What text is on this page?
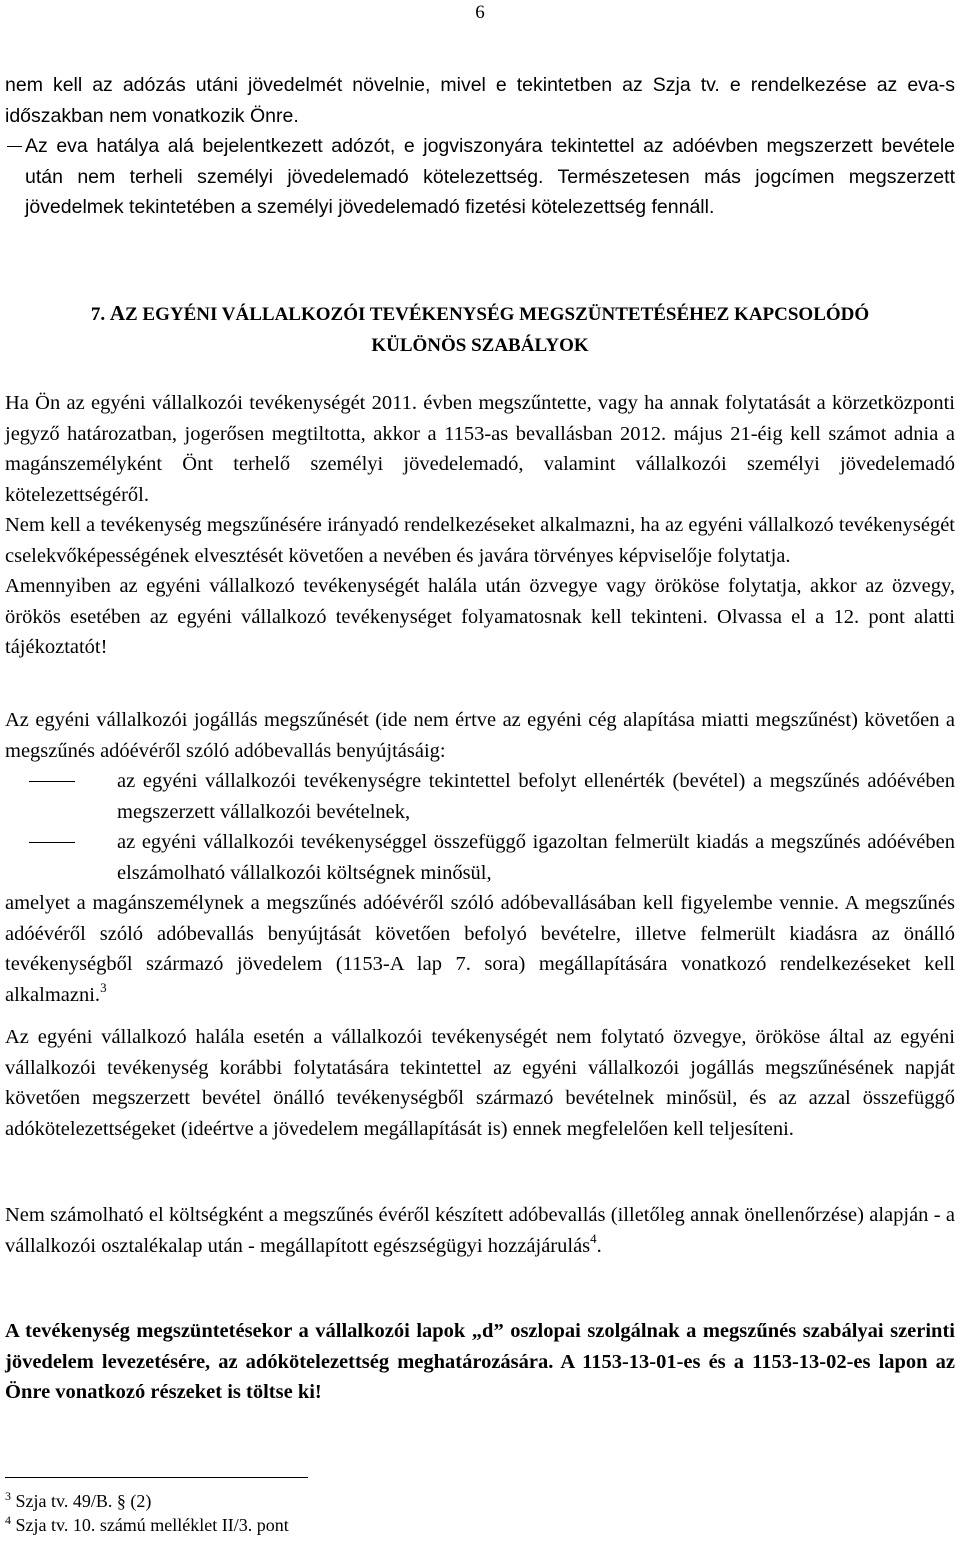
6

nem kell az adózás utáni jövedelmét növelnie, mivel e tekintetben az Szja tv. e rendelkezése az eva-s időszakban nem vonatkozik Önre.

Az eva hatálya alá bejelentkezett adózót, e jogviszonyára tekintettel az adóévben megszerzett bevétele után nem terheli személyi jövedelemadó kötelezettség. Természetesen más jogcímen megszerzett jövedelmek tekintetében a személyi jövedelemadó fizetési kötelezettség fennáll.

7. AZ EGYÉNI VÁLLALKOZÓI TEVÉKENYSÉG MEGSZÜNTETÉSÉHEZ KAPCSOLÓDÓ
KÜLÖNÖS SZABÁLYOK

Ha Ön az egyéni vállalkozói tevékenységét 2011. évben megszűntette, vagy ha annak folytatását a körzetközponti jegyző határozatban, jogerősen megtiltotta, akkor a 1153-as bevallásban 2012. május 21-éig kell számot adnia a magánszemélyként Önt terhelő személyi jövedelemadó, valamint vállalkozói személyi jövedelemadó kötelezettségéről.

Nem kell a tevékenység megszűnésére irányadó rendelkezéseket alkalmazni, ha az egyéni vállalkozó tevékenységét cselekvőképességének elvesztését követően a nevében és javára törvényes képviselője folytatja.

Amennyiben az egyéni vállalkozó tevékenységét halála után özvegye vagy örököse folytatja, akkor az özvegy, örökös esetében az egyéni vállalkozó tevékenységet folyamatosnak kell tekinteni. Olvassa el a 12. pont alatti tájékoztatót!

Az egyéni vállalkozói jogállás megszűnését (ide nem értve az egyéni cég alapítása miatti megszűnést) követően a megszűnés adóévéről szóló adóbevallás benyújtásáig:

az egyéni vállalkozói tevékenységre tekintettel befolyt ellenérték (bevétel) a megszűnés adóévében megszerzett vállalkozói bevételnek,

az egyéni vállalkozói tevékenységgel összefüggő igazoltan felmerült kiadás a megszűnés adóévében elszámolható vállalkozói költségnek minősül,

amelyet a magánszemélynek a megszűnés adóévéről szóló adóbevallásában kell figyelembe vennie. A megszűnés adóévéről szóló adóbevallás benyújtását követően befolyó bevételre, illetve felmerült kiadásra az önálló tevékenységből származó jövedelem (1153-A lap 7. sora) megállapítására vonatkozó rendelkezéseket kell alkalmazni.$^3$

Az egyéni vállalkozó halála esetén a vállalkozói tevékenységét nem folytató özvegye, örököse által az egyéni vállalkozói tevékenység korábbi folytatására tekintettel az egyéni vállalkozói jogállás megszűnésének napját követően megszerzett bevétel önálló tevékenységből származó bevételnek minősül, és az azzal összefüggő adókötelezettségeket (ideértve a jövedelem megállapítását is) ennek megfelelően kell teljesíteni.

Nem számolható el költségként a megszűnés évéről készített adóbevallás (illetőleg annak önellenőrzése) alapján - a vállalkozói osztalékalap után - megállapított egészségügyi hozzájárulás$^4$.

A tevékenység megszüntetésekor a vállalkozói lapok „d” oszlopai szolgálnak a megszűnés szabályai szerinti jövedelem levezetésére, az adókötelezettség meghatározására. A 1153-13-01-es és a 1153-13-02-es lapon az Önre vonatkozó részeket is töltse ki!

$^3$ Szja tv. 49/B. § (2)
$^4$ Szja tv. 10. számú melléklet II/3. pont
